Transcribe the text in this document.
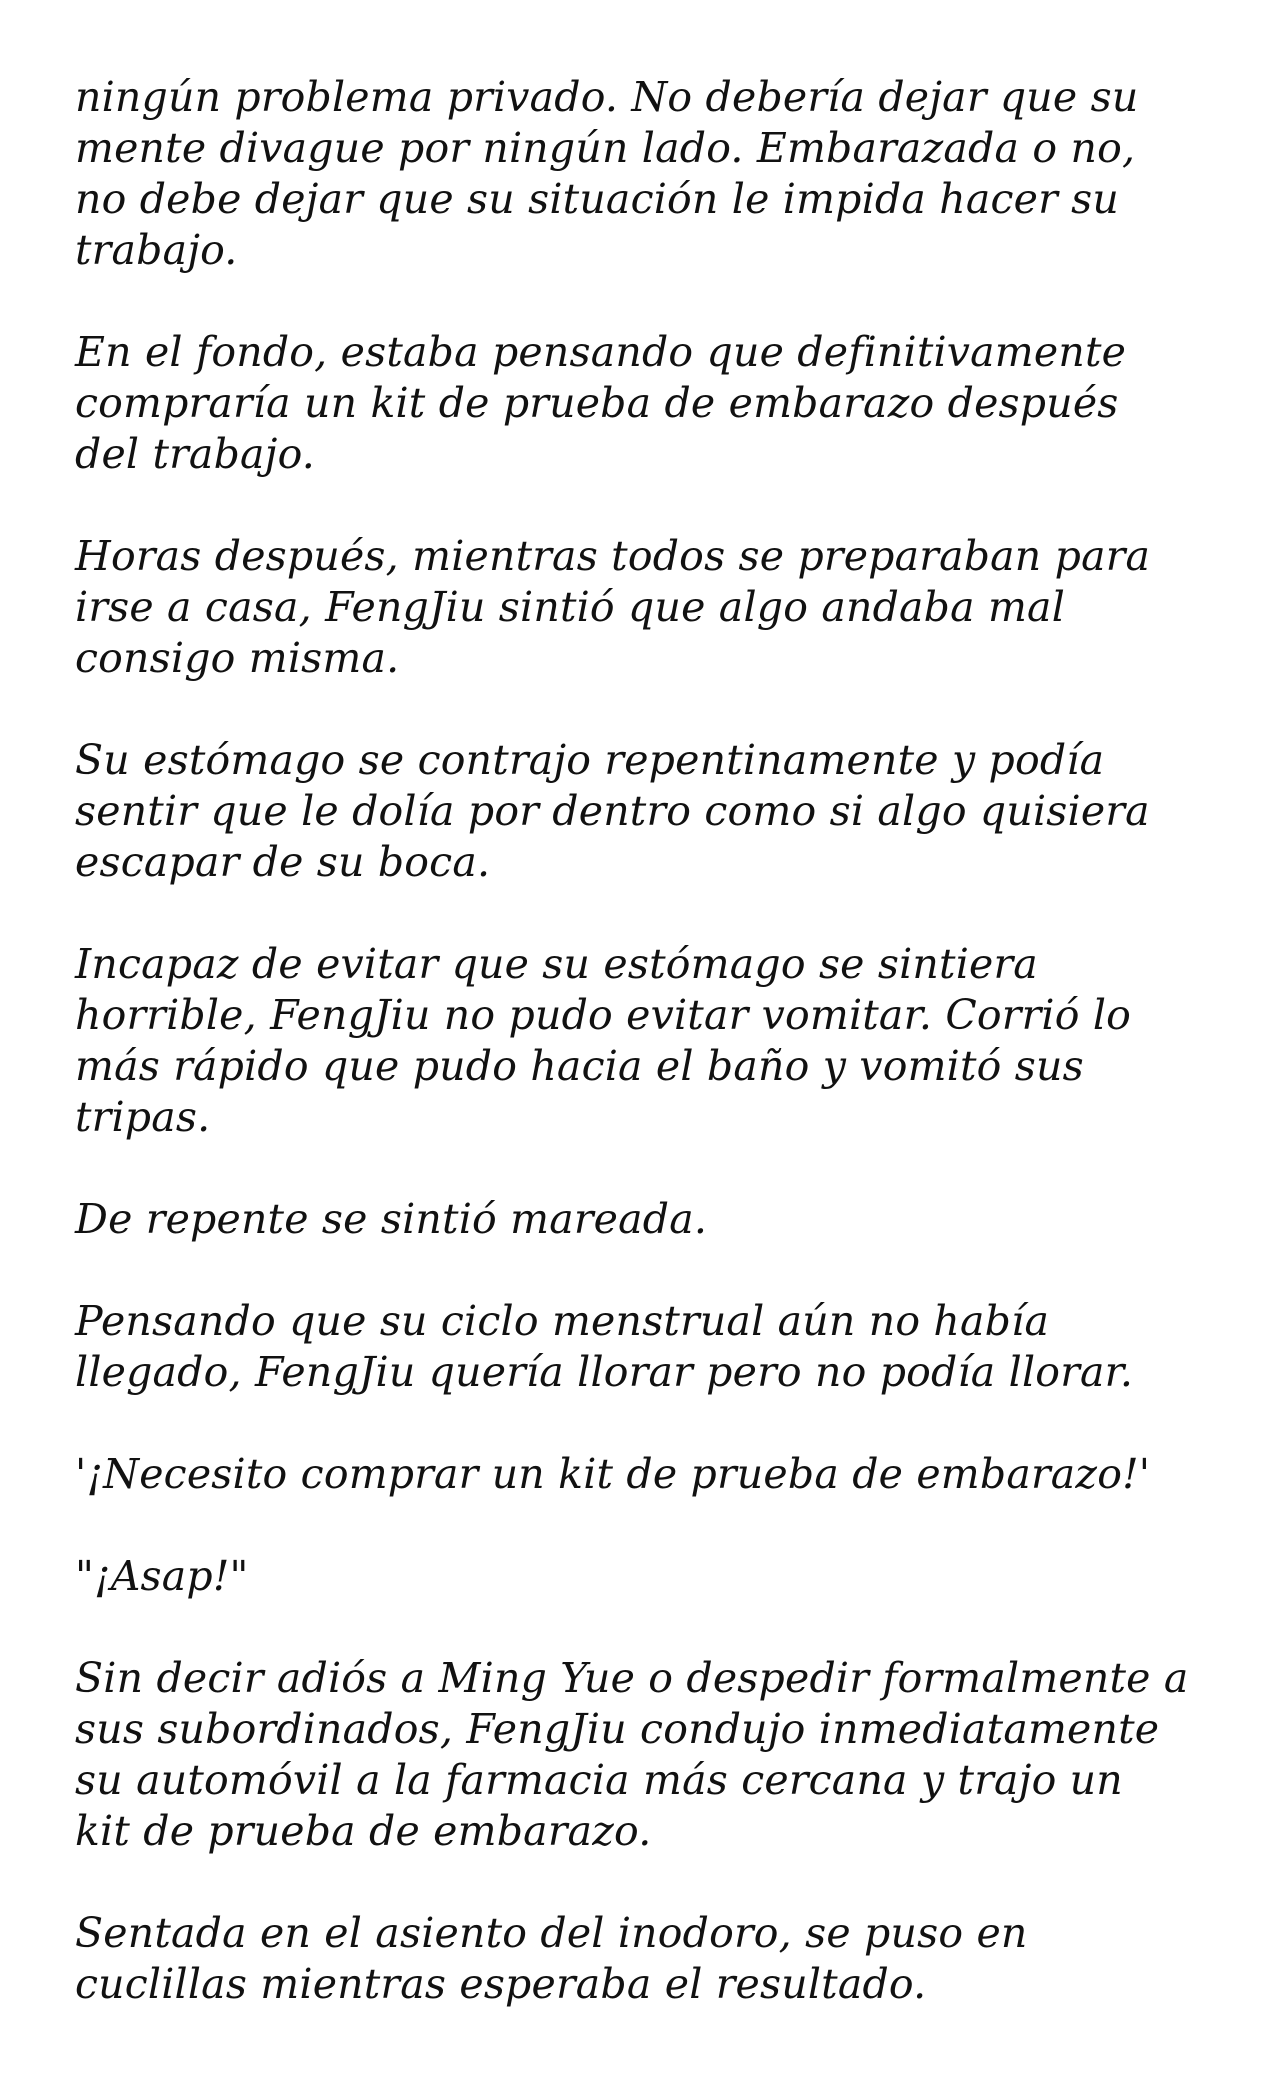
ningún problema privado. No debería dejar que su
mente divague por ningún lado. Embarazada o no,
no debe dejar que su situación le impida hacer su
trabajo.

En el fondo, estaba pensando que definitivamente
compraría un kit de prueba de embarazo después
del trabajo.

Horas después, mientras todos se preparaban para
irse a casa, FengJiu sintió que algo andaba mal
consigo misma.

Su estómago se contrajo repentinamente y podía
sentir que le dolía por dentro como si algo quisiera
escapar de su boca.

Incapaz de evitar que su estómago se sintiera
horrible, FengJiu no pudo evitar vomitar. Corrió lo
más rápido que pudo hacia el baño y vomitó sus
tripas.

De repente se sintió mareada.

Pensando que su ciclo menstrual aún no había
llegado, FengJiu quería llorar pero no podía llorar.

'¡Necesito comprar un kit de prueba de embarazo!'

"¡Asap!"

Sin decir adiós a Ming Yue o despedir formalmente a
sus subordinados, FengJiu condujo inmediatamente
su automóvil a la farmacia más cercana y trajo un
kit de prueba de embarazo.

Sentada en el asiento del inodoro, se puso en
cuclillas mientras esperaba el resultado.
